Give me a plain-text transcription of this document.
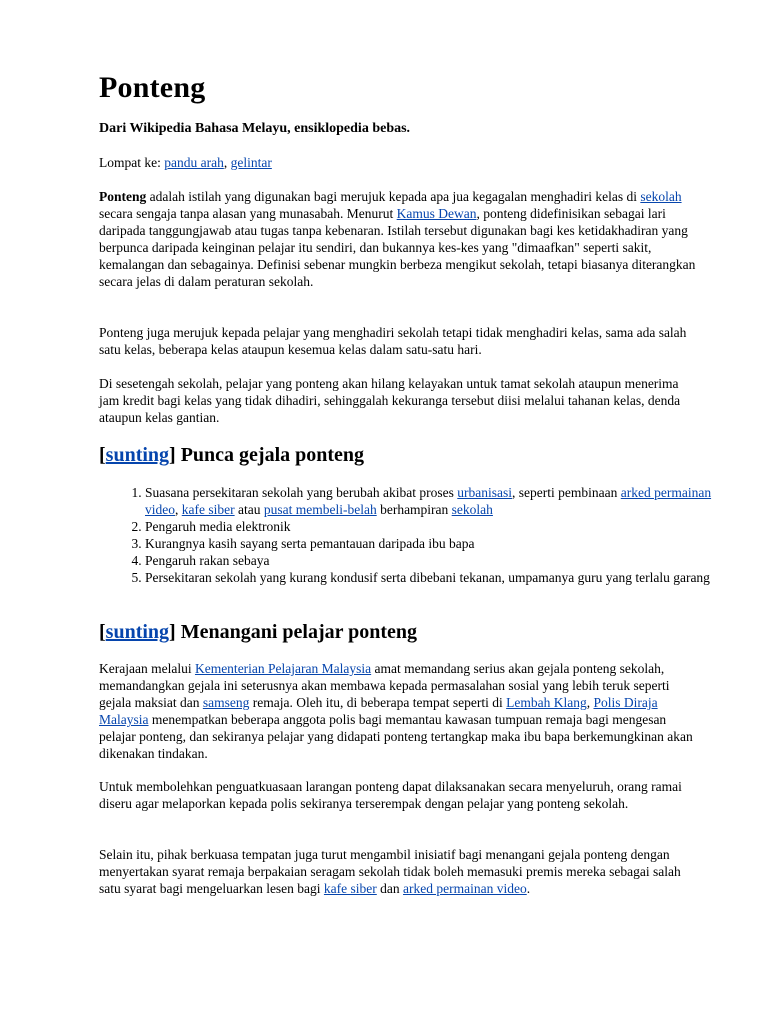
Ponteng
Dari Wikipedia Bahasa Melayu, ensiklopedia bebas.
Lompat ke: pandu arah, gelintar

Ponteng adalah istilah yang digunakan bagi merujuk kepada apa jua kegagalan menghadiri kelas di sekolah secara sengaja tanpa alasan yang munasabah. Menurut Kamus Dewan, ponteng didefinisikan sebagai lari daripada tanggungjawab atau tugas tanpa kebenaran. Istilah tersebut digunakan bagi kes ketidakhadiran yang berpunca daripada keinginan pelajar itu sendiri, dan bukannya kes-kes yang "dimaafkan" seperti sakit, kemalangan dan sebagainya. Definisi sebenar mungkin berbeza mengikut sekolah, tetapi biasanya diterangkan secara jelas di dalam peraturan sekolah.

Ponteng juga merujuk kepada pelajar yang menghadiri sekolah tetapi tidak menghadiri kelas, sama ada salah satu kelas, beberapa kelas ataupun kesemua kelas dalam satu-satu hari.

Di sesetengah sekolah, pelajar yang ponteng akan hilang kelayakan untuk tamat sekolah ataupun menerima jam kredit bagi kelas yang tidak dihadiri, sehinggalah kekuranga tersebut diisi melalui tahanan kelas, denda ataupun kelas gantian.

[sunting] Punca gejala ponteng
1. Suasana persekitaran sekolah yang berubah akibat proses urbanisasi, seperti pembinaan arked permainan video, kafe siber atau pusat membeli-belah berhampiran sekolah
2. Pengaruh media elektronik
3. Kurangnya kasih sayang serta pemantauan daripada ibu bapa
4. Pengaruh rakan sebaya
5. Persekitaran sekolah yang kurang kondusif serta dibebani tekanan, umpamanya guru yang terlalu garang
[sunting] Menangani pelajar ponteng

Kerajaan melalui Kementerian Pelajaran Malaysia amat memandang serius akan gejala ponteng sekolah, memandangkan gejala ini seterusnya akan membawa kepada permasalahan sosial yang lebih teruk seperti gejala maksiat dan samseng remaja. Oleh itu, di beberapa tempat seperti di Lembah Klang, Polis Diraja Malaysia menempatkan beberapa anggota polis bagi memantau kawasan tumpuan remaja bagi mengesan pelajar ponteng, dan sekiranya pelajar yang didapati ponteng tertangkap maka ibu bapa berkemungkinan akan dikenakan tindakan.

Untuk membolehkan penguatkuasaan larangan ponteng dapat dilaksanakan secara menyeluruh, orang ramai diseru agar melaporkan kepada polis sekiranya terserempak dengan pelajar yang ponteng sekolah.

Selain itu, pihak berkuasa tempatan juga turut mengambil inisiatif bagi menangani gejala ponteng dengan menyertakan syarat remaja berpakaian seragam sekolah tidak boleh memasuki premis mereka sebagai salah satu syarat bagi mengeluarkan lesen bagi kafe siber dan arked permainan video.
